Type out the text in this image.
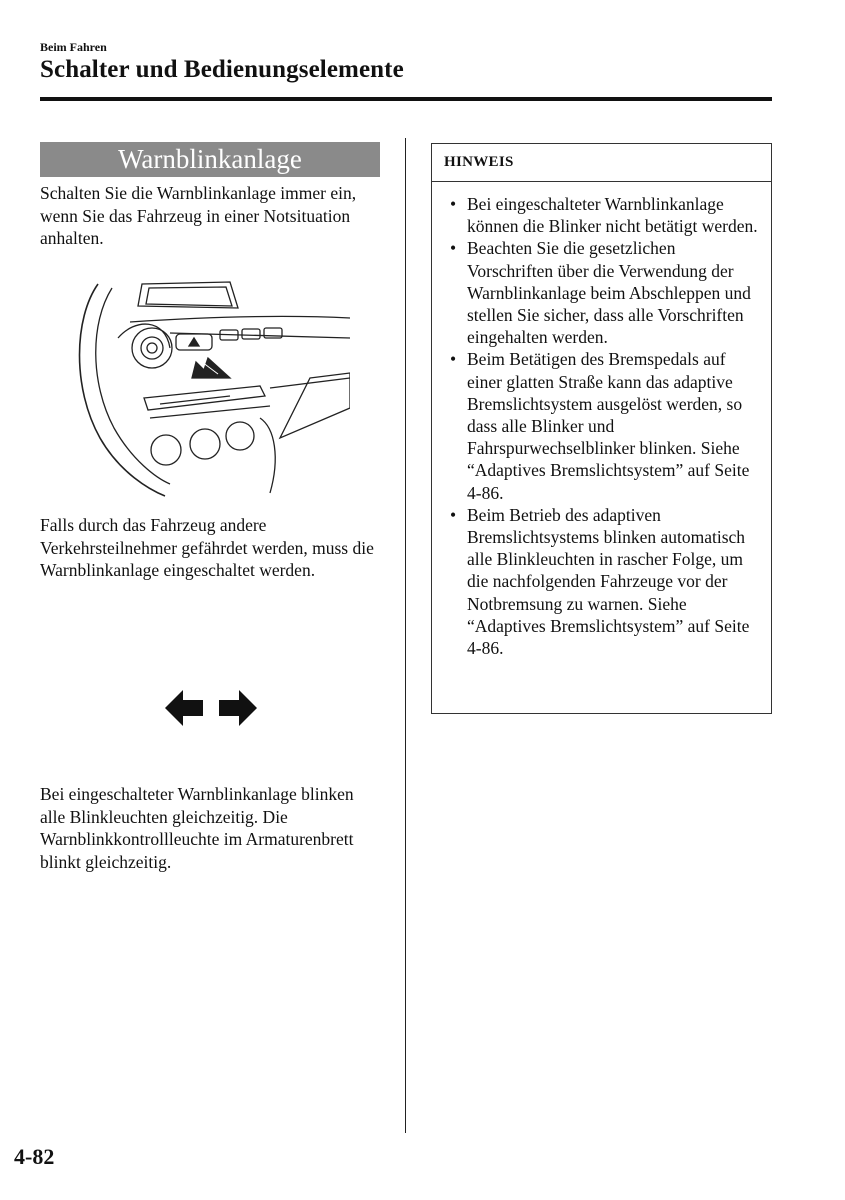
Beim Fahren
Schalter und Bedienungselemente
Warnblinkanlage

Schalten Sie die Warnblinkanlage immer ein, wenn Sie das Fahrzeug in einer Notsituation anhalten.

Falls durch das Fahrzeug andere Verkehrsteilnehmer gefährdet werden, muss die Warnblinkanlage eingeschaltet werden.

Bei eingeschalteter Warnblinkanlage blinken alle Blinkleuchten gleichzeitig. Die Warnblinkkontrollleuchte im Armaturenbrett blinkt gleichzeitig.

HINWEIS
• Bei eingeschalteter Warnblinkanlage können die Blinker nicht betätigt werden.
• Beachten Sie die gesetzlichen Vorschriften über die Verwendung der Warnblinkanlage beim Abschleppen und stellen Sie sicher, dass alle Vorschriften eingehalten werden.
• Beim Betätigen des Bremspedals auf einer glatten Straße kann das adaptive Bremslichtsystem ausgelöst werden, so dass alle Blinker und Fahrspurwechselblinker blinken. Siehe “Adaptives Bremslichtsystem” auf Seite 4-86.
• Beim Betrieb des adaptiven Bremslichtsystems blinken automatisch alle Blinkleuchten in rascher Folge, um die nachfolgenden Fahrzeuge vor der Notbremsung zu warnen. Siehe “Adaptives Bremslichtsystem” auf Seite 4-86.
4-82
